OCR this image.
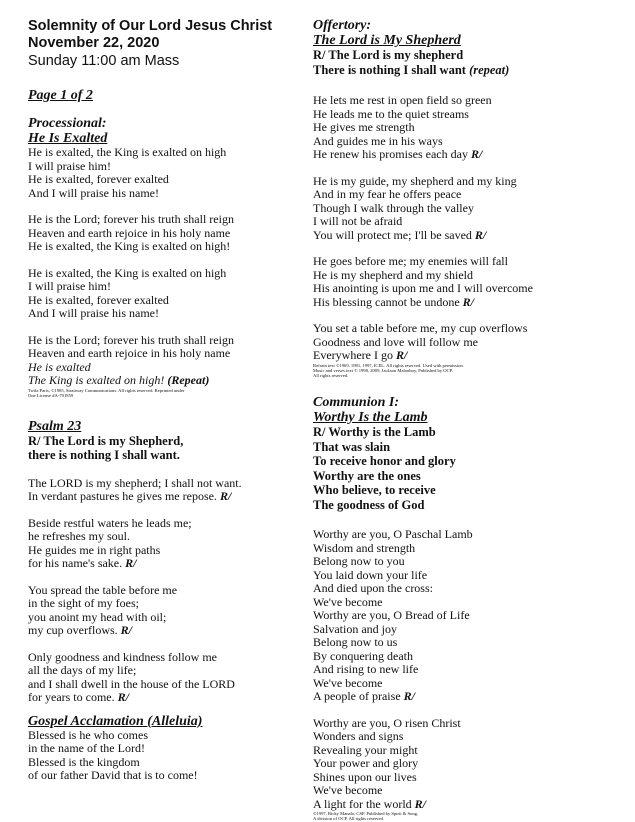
Solemnity of Our Lord Jesus Christ
November 22, 2020
Sunday 11:00 am Mass
Page 1 of 2
Processional:
He Is Exalted
He is exalted, the King is exalted on high
I will praise him!
He is exalted, forever exalted
And I will praise his name!
He is the Lord; forever his truth shall reign
Heaven and earth rejoice in his holy name
He is exalted, the King is exalted on high!
He is exalted, the King is exalted on high
I will praise him!
He is exalted, forever exalted
And I will praise his name!
He is the Lord; forever his truth shall reign
Heaven and earth rejoice in his holy name
He is exalted
The King is exalted on high! (Repeat)
Twila Paris, ©1985, Straitway Communications. All rights reserved. Reprinted under
One License #A-701859
Psalm 23
R/ The Lord is my Shepherd,
there is nothing I shall want.
The LORD is my shepherd; I shall not want.
In verdant pastures he gives me repose. R/
Beside restful waters he leads me;
he refreshes my soul.
He guides me in right paths
for his name's sake. R/
You spread the table before me
in the sight of my foes;
you anoint my head with oil;
my cup overflows. R/
Only goodness and kindness follow me
all the days of my life;
and I shall dwell in the house of the LORD
for years to come. R/
Gospel Acclamation (Alleluia)
Blessed is he who comes
in the name of the Lord!
Blessed is the kingdom
of our father David that is to come!
Offertory:
The Lord is My Shepherd
R/ The Lord is my shepherd
There is nothing I shall want (repeat)
He lets me rest in open field so green
He leads me to the quiet streams
He gives me strength
And guides me in his ways
He renew his promises each day R/
He is my guide, my shepherd and my king
And in my fear he offers peace
Though I walk through the valley
I will not be afraid
You will protect me; I'll be saved R/
He goes before me; my enemies will fall
He is my shepherd and my shield
His anointing is upon me and I will overcome
His blessing cannot be undone R/
You set a table before me, my cup overflows
Goodness and love will follow me
Everywhere I go R/
Refrain text ©1969, 1981, 1997, ICEL. All rights reserved. Used with permission.
Music and verses text © 1998, 2009, Jackson Malonboy, Published by OCP.
All rights reserved.
Communion I:
Worthy Is the Lamb
R/ Worthy is the Lamb
That was slain
To receive honor and glory
Worthy are the ones
Who believe, to receive
The goodness of God
Worthy are you, O Paschal Lamb
Wisdom and strength
Belong now to you
You laid down your life
And died upon the cross:
We've become
Worthy are you, O Bread of Life
Salvation and joy
Belong now to us
By conquering death
And rising to new life
We've become
A people of praise R/
Worthy are you, O risen Christ
Wonders and signs
Revealing your might
Your power and glory
Shines upon our lives
We've become
A light for the world R/
©1997, Ricky Manalo, CSP. Published by Spirit & Song,
A division of OCP. All rights reserved.
